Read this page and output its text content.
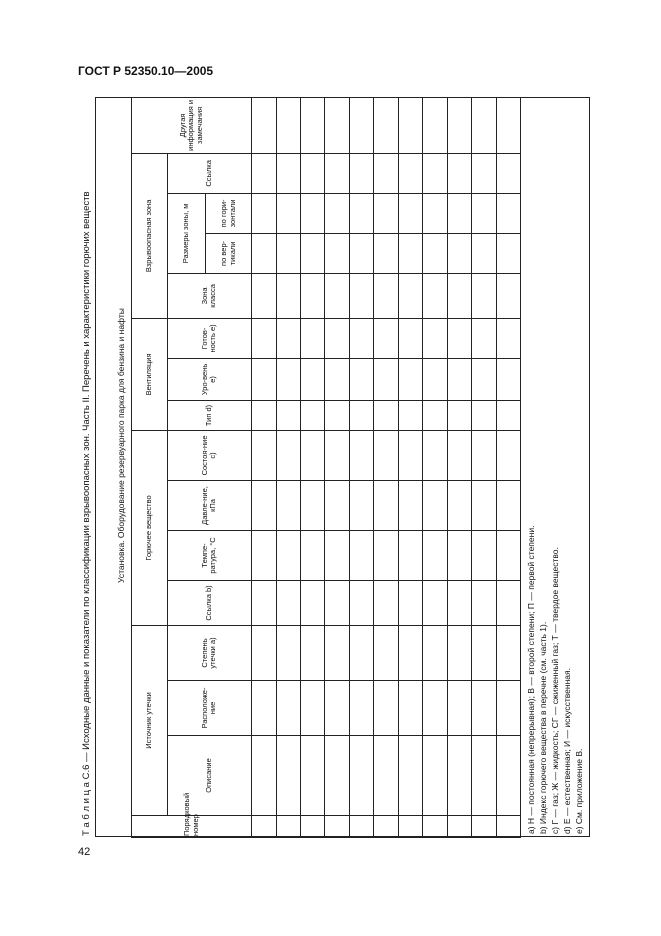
ГОСТ Р 52350.10—2005
42
Т а б л и ц а С.6 — Исходные данные и показатели по классификации взрывоопасных зон. Часть II. Перечень и характеристики горючих веществ	Установка. Оборудование резервуарного парка для бензина и нафты
Порядковый номер	Источник утечки			Горючее вещество				Вентиляция			Взрывоопасная зона				Другая информация и замечания
	Описание	Расположе-ние	Степень утечки a)	Ссылка b)	Темпе-ратура, °С	Давле-ние, кПа	Состоя-ние c)	Тип d)	Уро-вень e)	Готов-ность e)	Зона класса	Размеры зоны, м		Ссылка	
												по вер-тикали	по гори-зонтали		

a) Н — постоянная (непрерывная); В — второй степени; П — первой степени. b) Индекс горючего вещества в перечне (см. часть 1). c) Г — газ; Ж — жидкость; СГ — сжиженный газ; Т — твердое вещество. d) Е — естественная; И — искусственная. e) См. приложение В.
